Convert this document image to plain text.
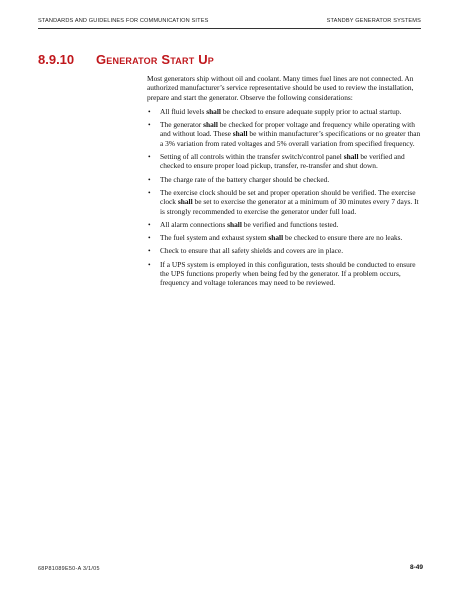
STANDARDS AND GUIDELINES FOR COMMUNICATION SITES	STANDBY GENERATOR SYSTEMS
8.9.10 Generator Start Up

Most generators ship without oil and coolant. Many times fuel lines are not connected. An authorized manufacturer’s service representative should be used to review the installation, prepare and start the generator. Observe the following considerations:

• All fluid levels shall be checked to ensure adequate supply prior to actual startup.
• The generator shall be checked for proper voltage and frequency while operating with and without load. These shall be within manufacturer’s specifications or no greater than a 3% variation from rated voltages and 5% overall variation from specified frequency.
• Setting of all controls within the transfer switch/control panel shall be verified and checked to ensure proper load pickup, transfer, re-transfer and shut down.
• The charge rate of the battery charger should be checked.
• The exercise clock should be set and proper operation should be verified. The exercise clock shall be set to exercise the generator at a minimum of 30 minutes every 7 days. It is strongly recommended to exercise the generator under full load.
• All alarm connections shall be verified and functions tested.
• The fuel system and exhaust system shall be checked to ensure there are no leaks.
• Check to ensure that all safety shields and covers are in place.
• If a UPS system is employed in this configuration, tests should be conducted to ensure the UPS functions properly when being fed by the generator. If a problem occurs, frequency and voltage tolerances may need to be reviewed.
68P81089E50-A 3/1/05	8-49
